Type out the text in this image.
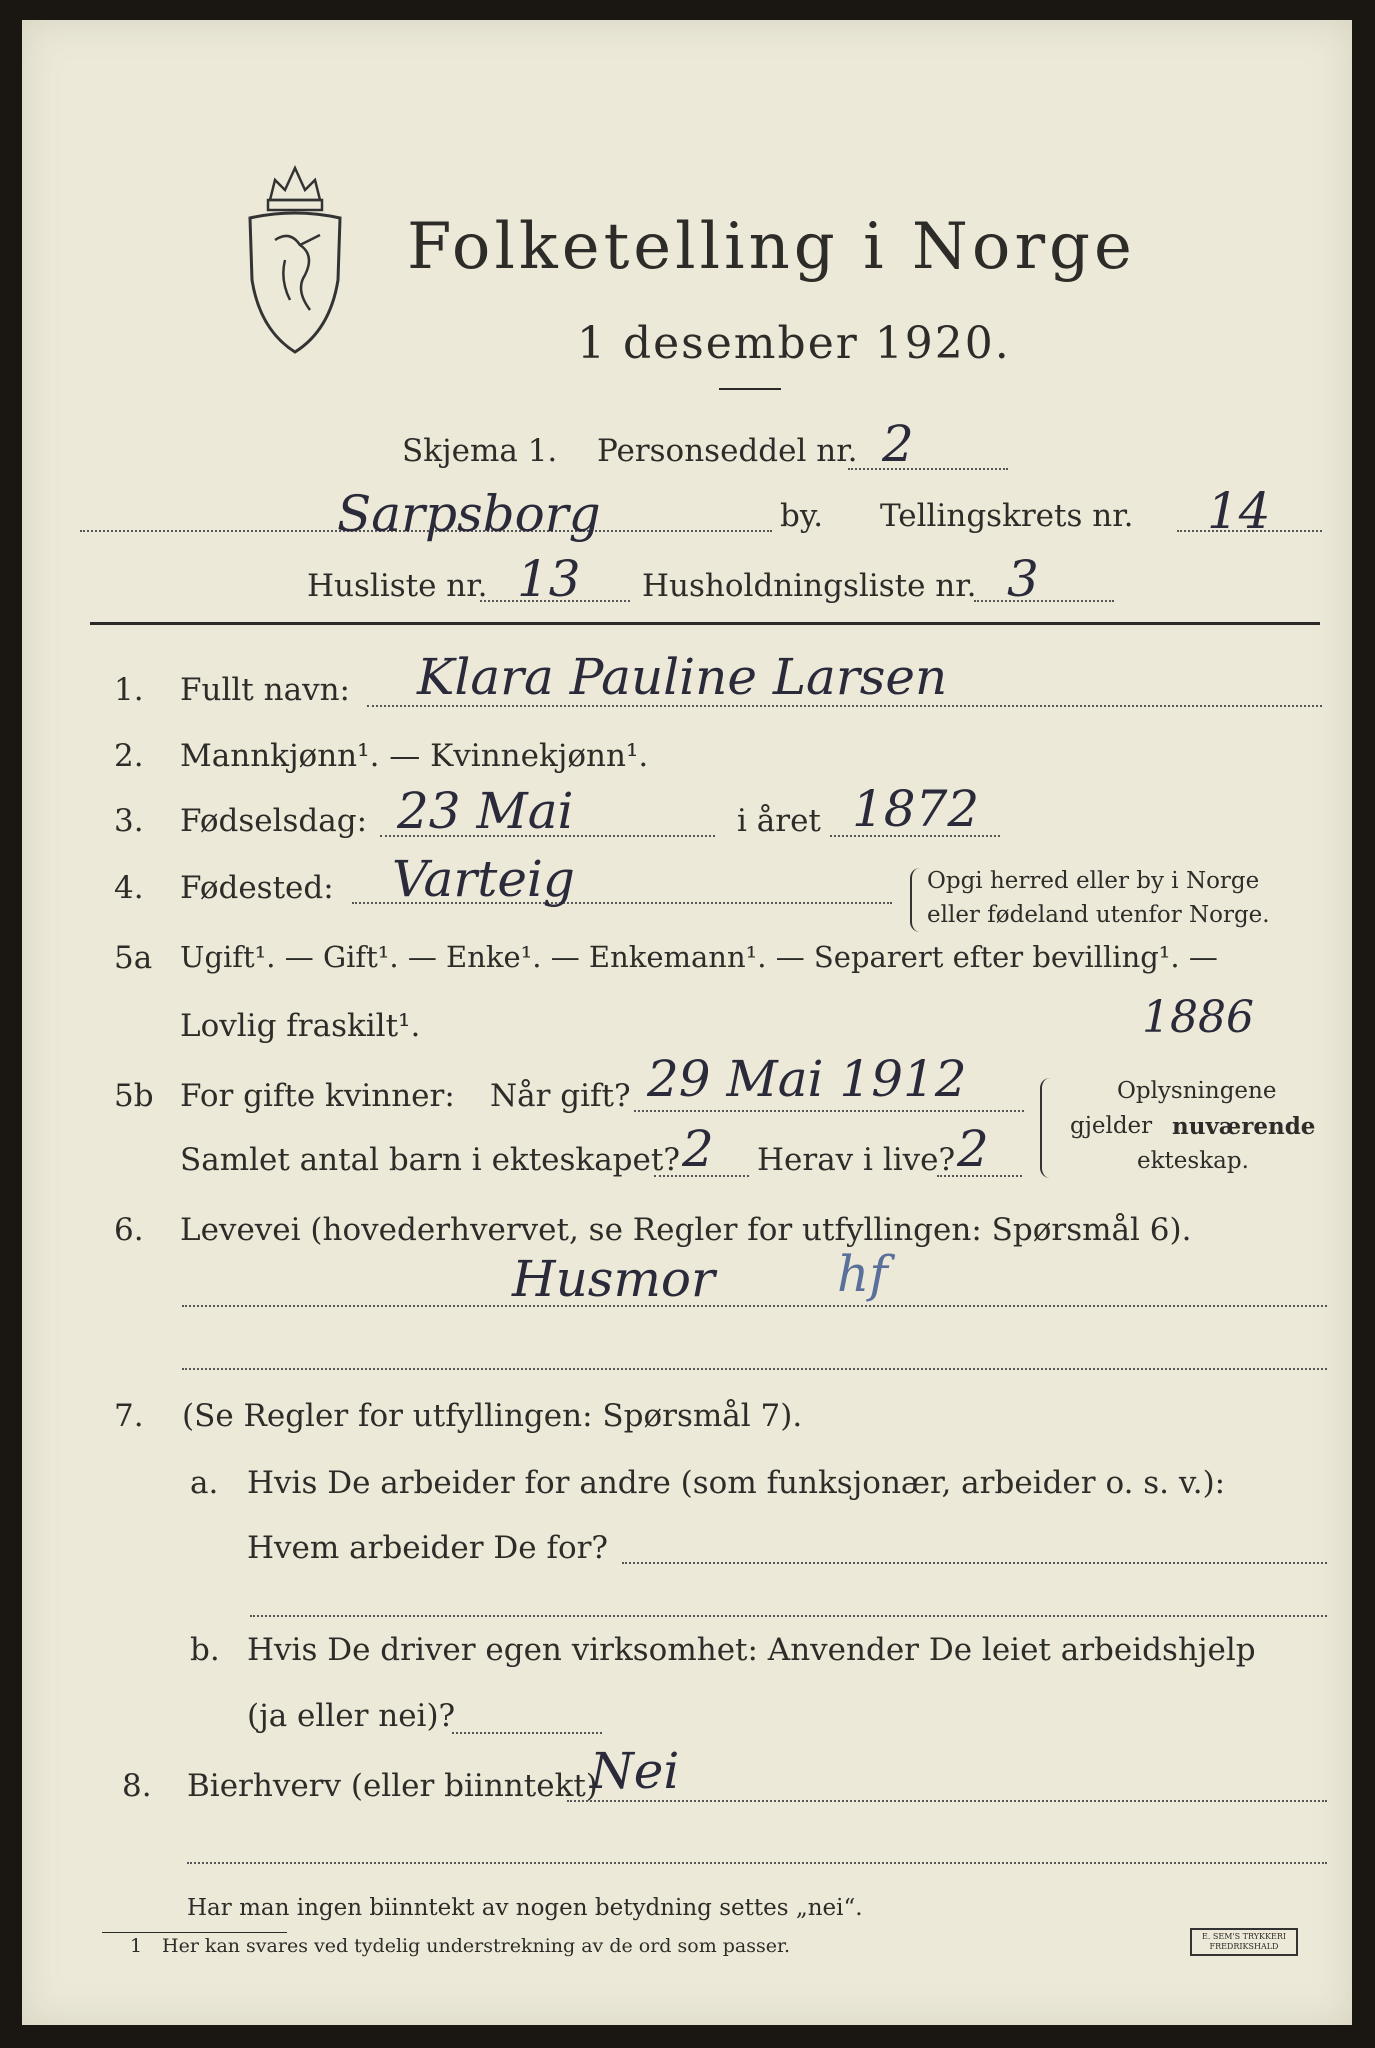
Folketelling i Norge
1 desember 1920.
Skjema 1. Personseddel nr. 2
Sarpsborg	by. Tellingskrets nr. 14
Husliste nr. 13 Husholdningsliste nr. 3
1. Fullt navn: Klara Pauline Larsen
2. Mannkjønn¹. — Kvinnekjønn¹.
3. Fødselsdag: 23 Mai	i året 1872
4. Fødested: Varteig	Opgi herred eller by i Norge
eller fødeland utenfor Norge.
5a Ugift¹. — Gift¹. — Enke¹. — Enkemann¹. — Separert efter bevilling¹. —
Lovlig fraskilt¹.	1886
5b For gifte kvinner: Når gift? 29 Mai 1912
Samlet antal barn i ekteskapet? 2 Herav i live? 2
Oplysningene
gjelder nuværende
ekteskap.
6. Levevei (hovederhvervet, se Regler for utfyllingen: Spørsmål 6).
Husmor hf
7. (Se Regler for utfyllingen: Spørsmål 7).
a. Hvis De arbeider for andre (som funksjonær, arbeider o. s. v.):
Hvem arbeider De for?
b. Hvis De driver egen virksomhet: Anvender De leiet arbeidshjelp
(ja eller nei)?
8. Bierhverv (eller biinntekt)
Nei
Har man ingen biinntekt av nogen betydning settes „nei“.
1 Her kan svares ved tydelig understrekning av de ord som passer.	E. SEM'S TRYKKERI
FREDRIKSHALD
